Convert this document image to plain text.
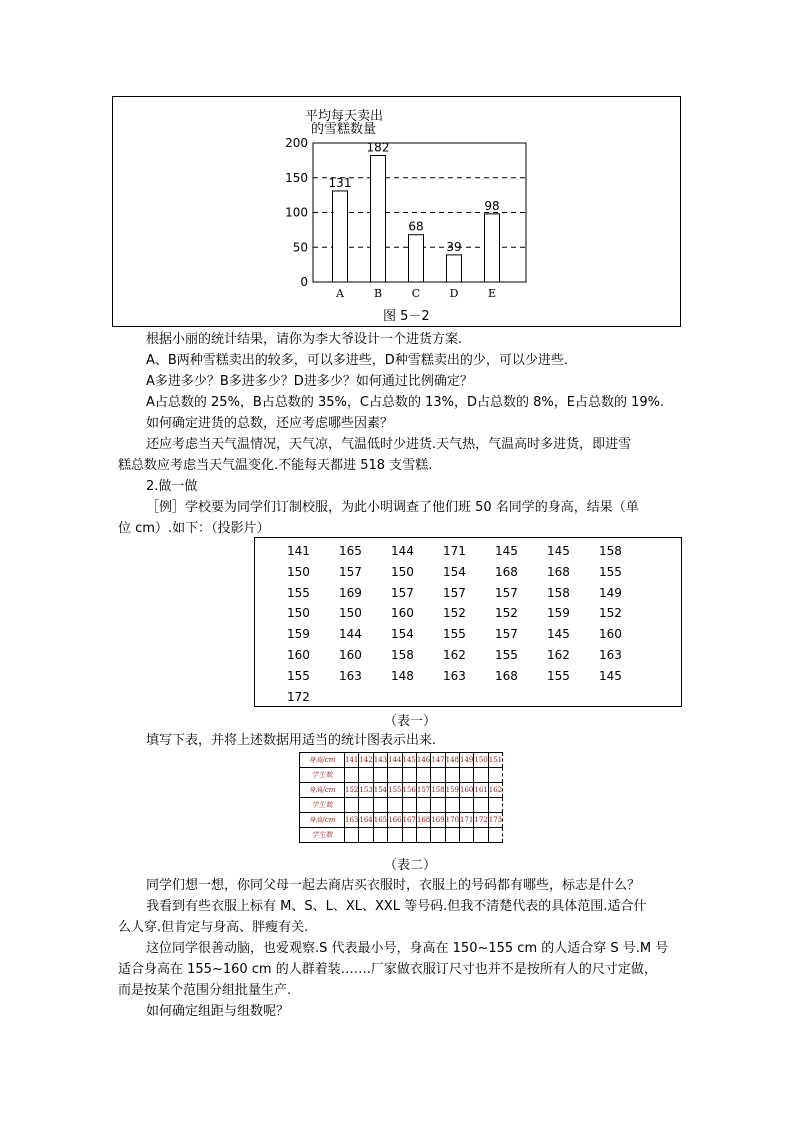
0
50
100
150
200
平均每天卖出
的雪糕数量
131
A
182
B
68
C
39
D
98
E
图 5－2
根据小丽的统计结果，请你为李大爷设计一个进货方案.
A、B两种雪糕卖出的较多，可以多进些，D种雪糕卖出的少，可以少进些.
A多进多少？B多进多少？D进多少？如何通过比例确定？
A占总数的 25%，B占总数的 35%，C占总数的 13%，D占总数的 8%，E占总数的 19%.
如何确定进货的总数，还应考虑哪些因素？
还应考虑当天气温情况，天气凉，气温低时少进货.天气热，气温高时多进货，即进雪
糕总数应考虑当天气温变化.不能每天都进 518 支雪糕.
2.做一做
［例］学校要为同学们订制校服，为此小明调查了他们班 50 名同学的身高，结果（单
位 cm）.如下：（投影片）
141	165	144	171	145	145	158
150	157	150	154	168	168	155
155	169	157	157	157	158	149
150	150	160	152	152	159	152
159	144	154	155	157	145	160
160	160	158	162	155	162	163
155	163	148	163	168	155	145
172
（表一）
填写下表，并将上述数据用适当的统计图表示出来.
身高/cm	141	142	143	144	145	146	147	148	149	150	151
学生数											
身高/cm	152	153	154	155	156	157	158	159	160	161	162
学生数											
身高/cm	163	164	165	166	167	168	169	170	171	172	173
学生数											
（表二）
同学们想一想，你同父母一起去商店买衣服时，衣服上的号码都有哪些，标志是什么？
我看到有些衣服上标有 M、S、L、XL、XXL 等号码.但我不清楚代表的具体范围.适合什
么人穿.但肯定与身高、胖瘦有关.
这位同学很善动脑，也爱观察.S 代表最小号，身高在 150~155 cm 的人适合穿 S 号.M 号
适合身高在 155~160 cm 的人群着装…….厂家做衣服订尺寸也并不是按所有人的尺寸定做，
而是按某个范围分组批量生产.
如何确定组距与组数呢？
